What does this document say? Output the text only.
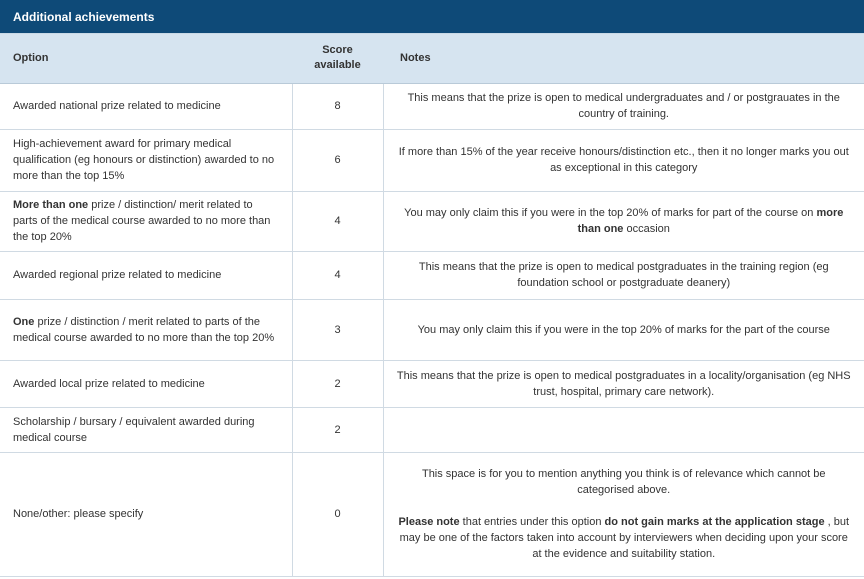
Additional achievements
Option	Score available	Notes
Awarded national prize related to medicine	8	This means that the prize is open to medical undergraduates and / or postgrauates in the country of training.
High-achievement award for primary medical qualification (eg honours or distinction) awarded to no more than the top 15%	6	If more than 15% of the year receive honours/distinction etc., then it no longer marks you out as exceptional in this category
More than one prize / distinction/ merit related to parts of the medical course awarded to no more than the top 20%	4	You may only claim this if you were in the top 20% of marks for part of the course on more than one occasion
Awarded regional prize related to medicine	4	This means that the prize is open to medical postgraduates in the training region (eg foundation school or postgraduate deanery)
One prize / distinction / merit related to parts of the medical course awarded to no more than the top 20%	3	You may only claim this if you were in the top 20% of marks for the part of the course
Awarded local prize related to medicine	2	This means that the prize is open to medical postgraduates in a locality/organisation (eg NHS trust, hospital, primary care network).
Scholarship / bursary / equivalent awarded during medical course	2	
None/other: please specify	0	This space is for you to mention anything you think is of relevance which cannot be categorised above.
Please note that entries under this option do not gain marks at the application stage , but may be one of the factors taken into account by interviewers when deciding upon your score at the evidence and suitability station.
